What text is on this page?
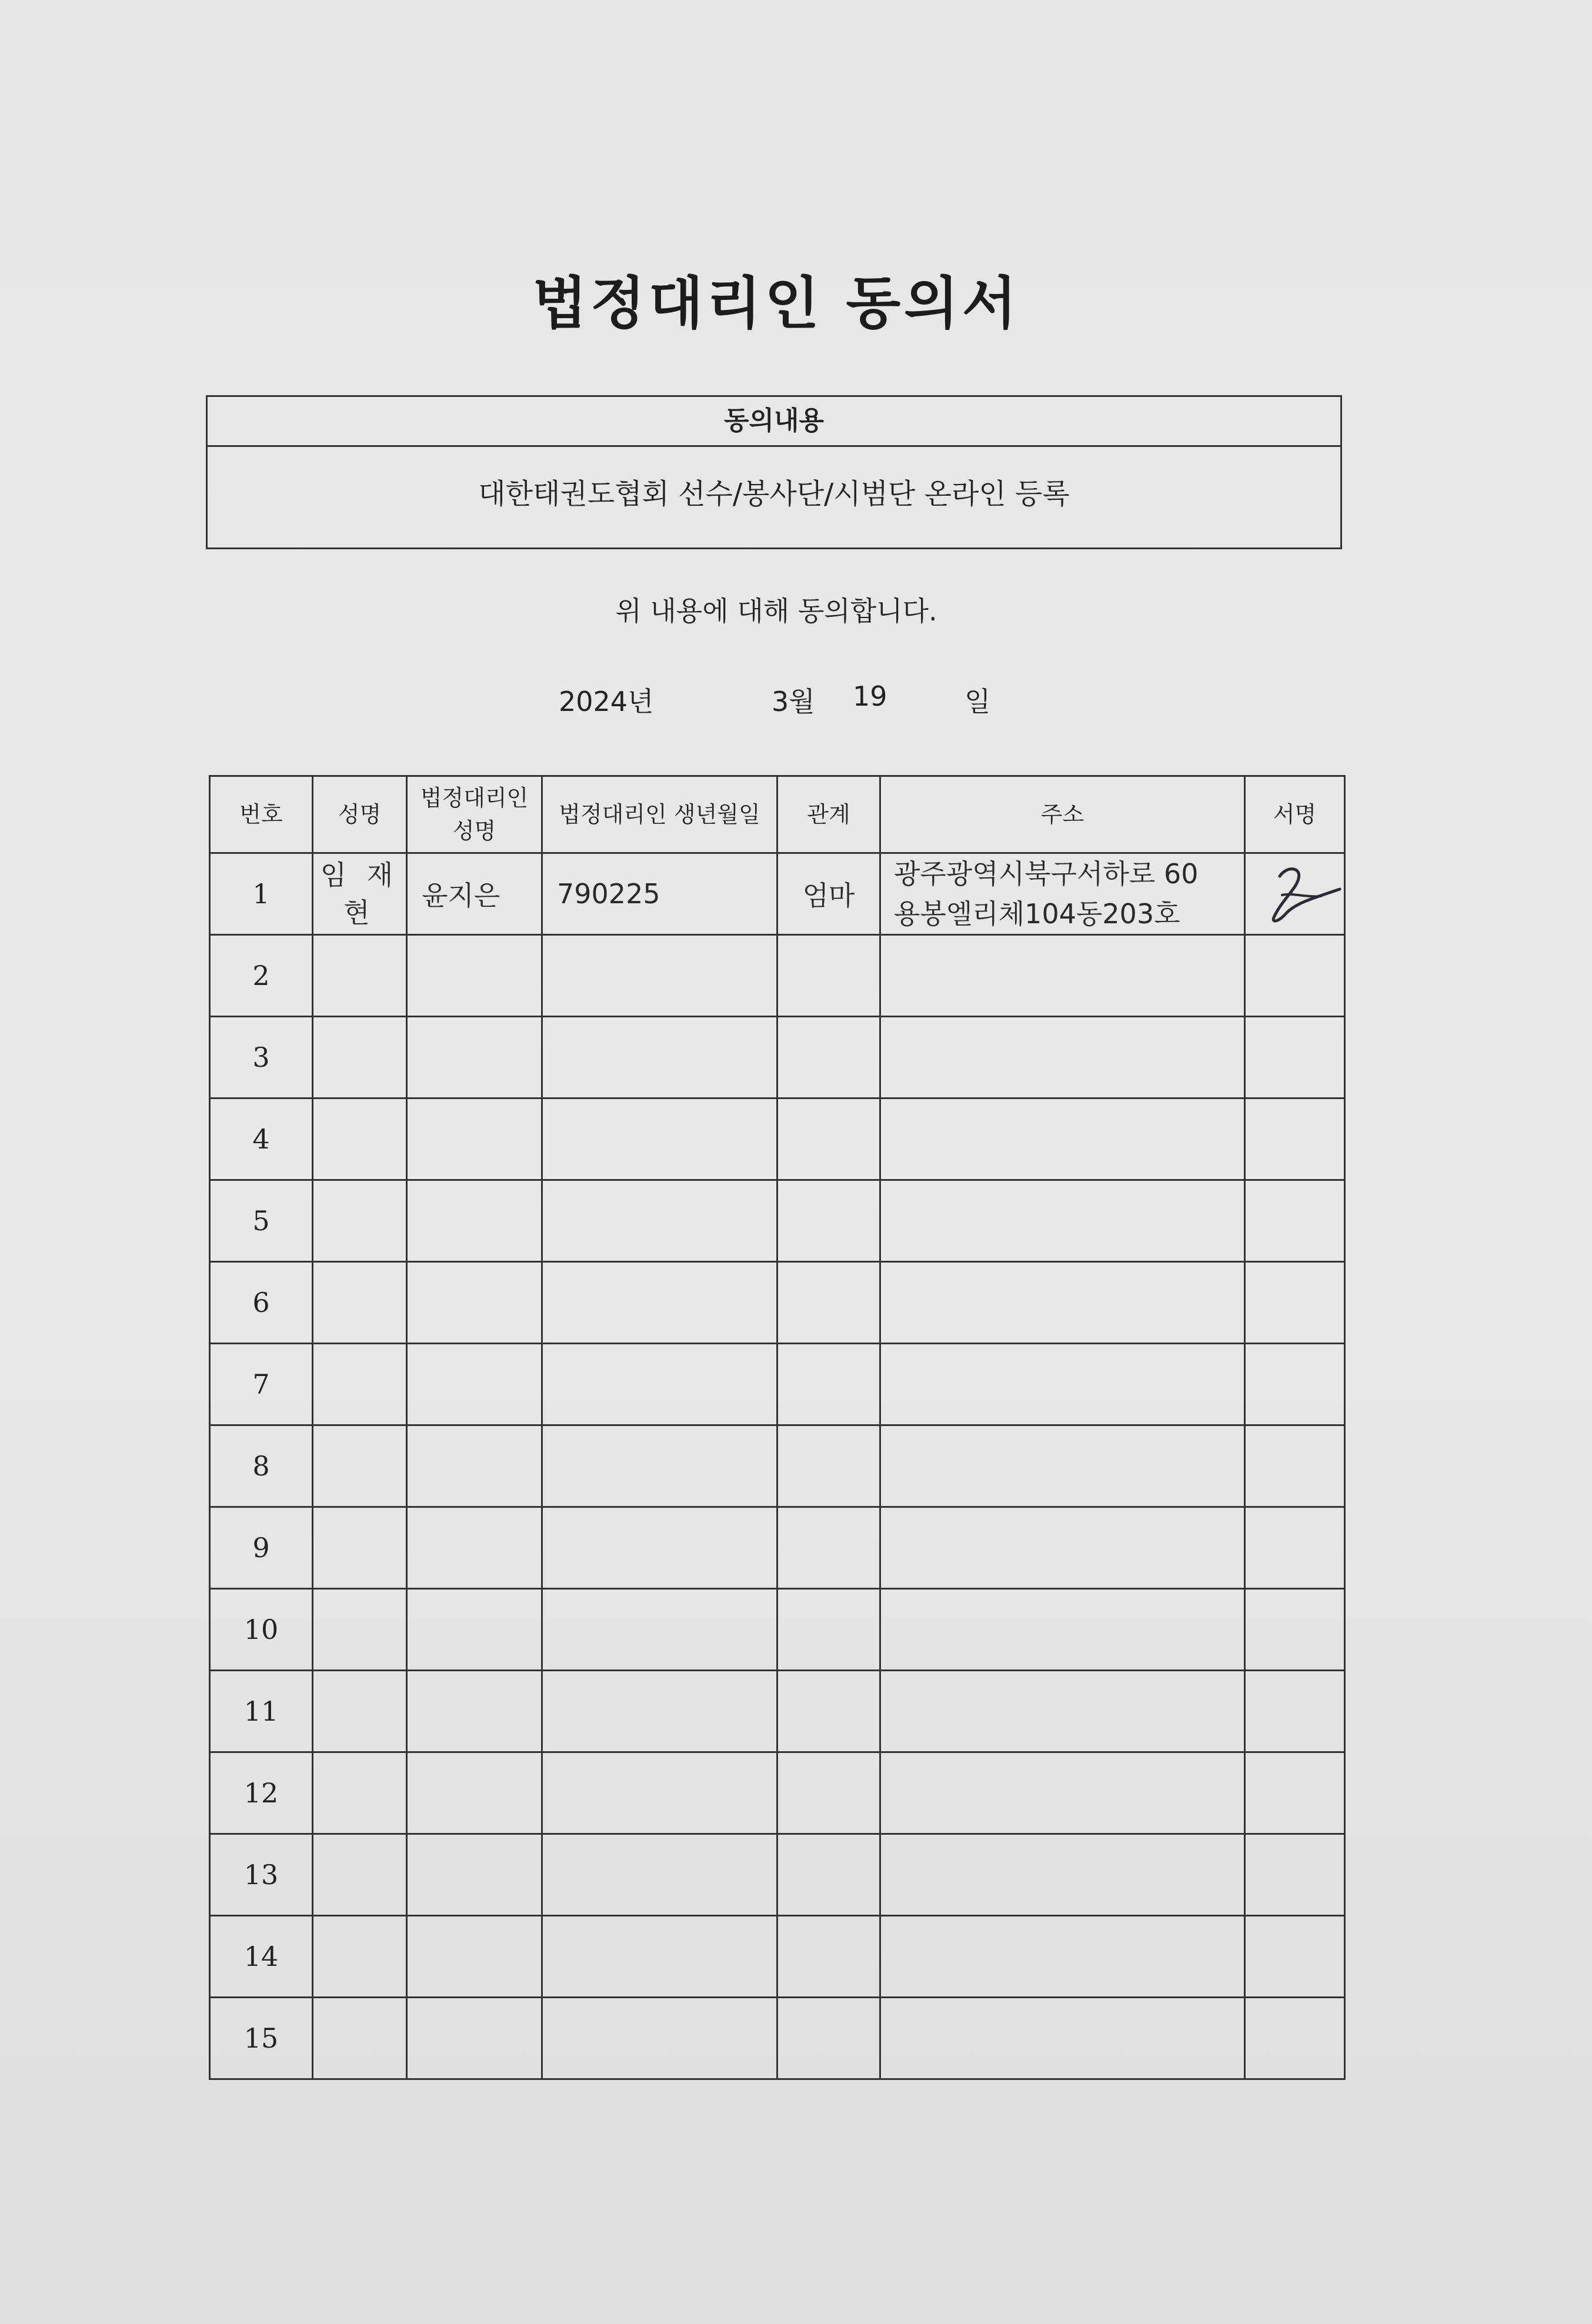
법정대리인 동의서
동의내용
대한태권도협회 선수/봉사단/시범단 온라인 등록
위 내용에 대해 동의합니다.
2024년	3월 19	일
번호	성명	법정대리인 성명	법정대리인 생년월일	관계	주소	서명
1	임 재 현	윤지은	790225	엄마	광주광역시북구서하로 60
용봉엘리체104동203호

2						
3						
4						
5						
6						
7						
8						
9						
10						
11						
12						
13						
14						
15						
